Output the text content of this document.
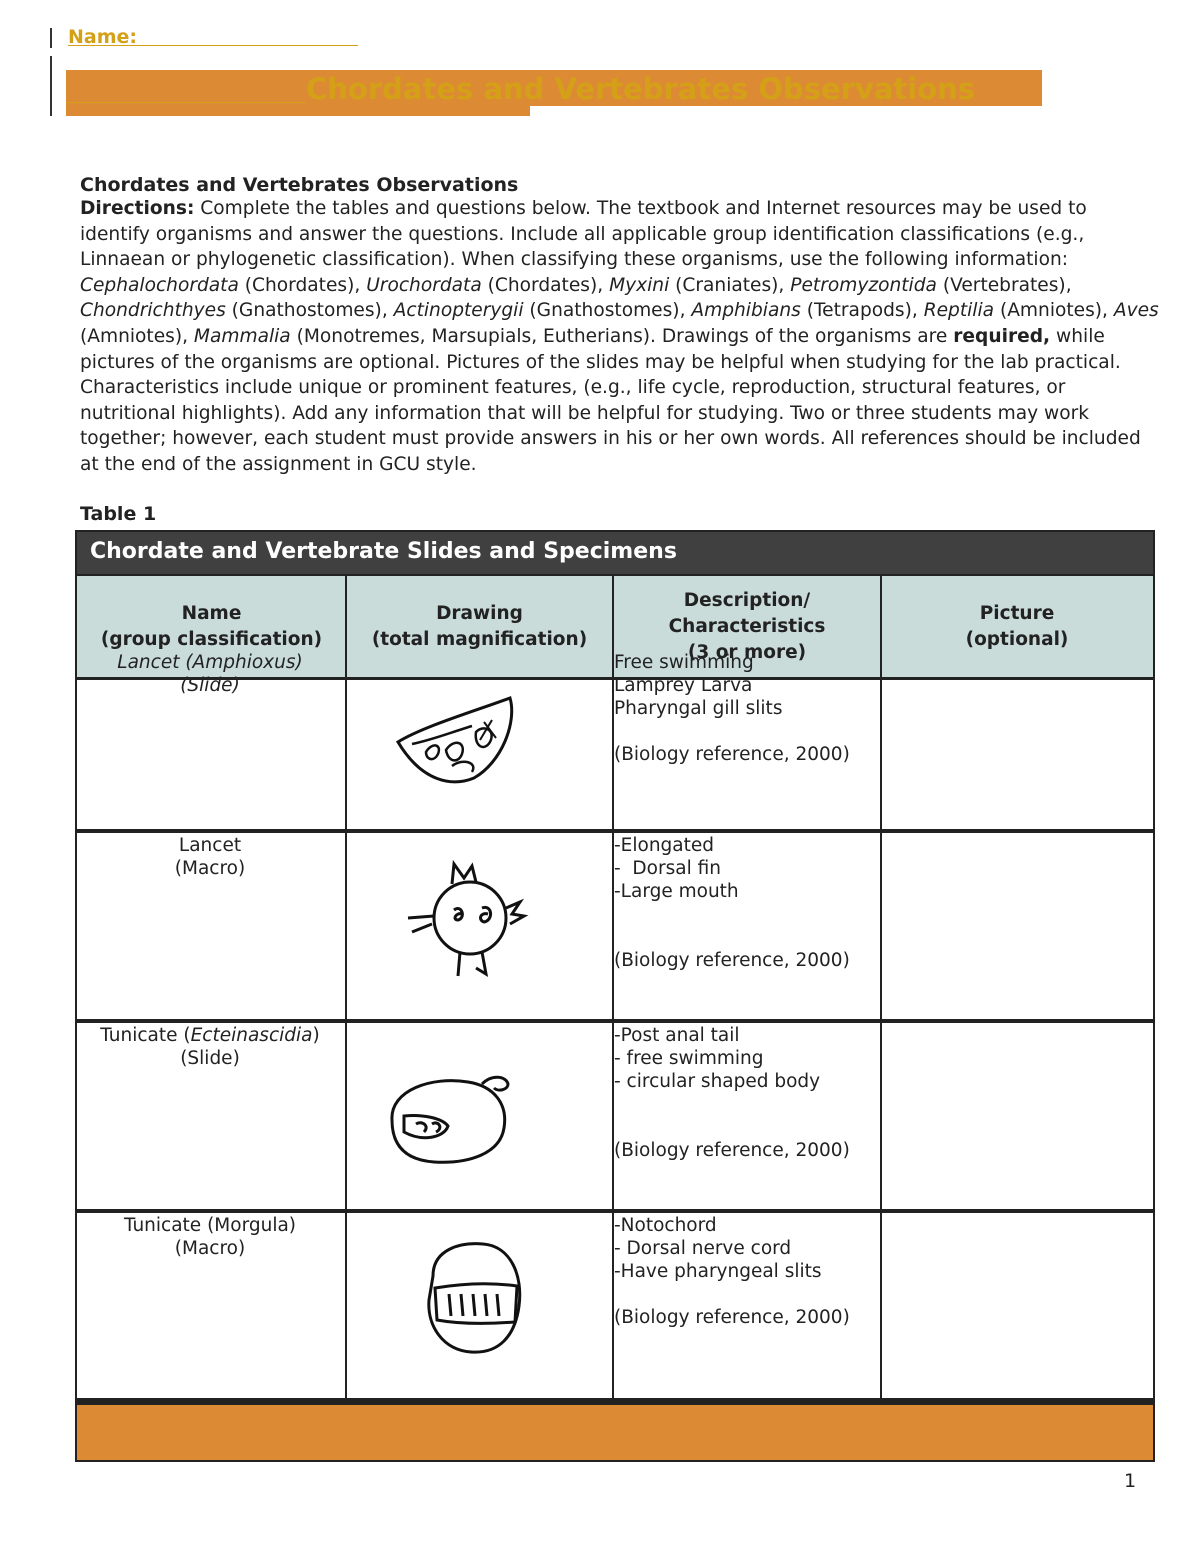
Name:
Chordates and Vertebrates Observations
Chordates and Vertebrates Observations
Directions: Complete the tables and questions below. The textbook and Internet resources may be used to identify organisms and answer the questions. Include all applicable group identification classifications (e.g., Linnaean or phylogenetic classification). When classifying these organisms, use the following information: Cephalochordata (Chordates), Urochordata (Chordates), Myxini (Craniates), Petromyzontida (Vertebrates), Chondrichthyes (Gnathostomes), Actinopterygii (Gnathostomes), Amphibians (Tetrapods), Reptilia (Amniotes), Aves (Amniotes), Mammalia (Monotremes, Marsupials, Eutherians). Drawings of the organisms are required, while pictures of the organisms are optional. Pictures of the slides may be helpful when studying for the lab practical. Characteristics include unique or prominent features, (e.g., life cycle, reproduction, structural features, or nutritional highlights). Add any information that will be helpful for studying. Two or three students may work together; however, each student must provide answers in his or her own words. All references should be included at the end of the assignment in GCU style.
Table 1
Chordate and Vertebrate Slides and Specimens
Name
(group classification)
Drawing
(total magnification)
Description/
Characteristics
(3 or more)
Picture
(optional)
Lancet (Amphioxus)
(Slide)
Free swimming
Lamprey Larva
Pharyngal gill slits

(Biology reference, 2000)
Lancet
(Macro)
-Elongated
-  Dorsal fin
-Large mouth

(Biology reference, 2000)
Tunicate (Ecteinascidia)
(Slide)
-Post anal tail
- free swimming
- circular shaped body

(Biology reference, 2000)
Tunicate (Morgula)
(Macro)
-Notochord
- Dorsal nerve cord
-Have pharyngeal slits

(Biology reference, 2000)
1
